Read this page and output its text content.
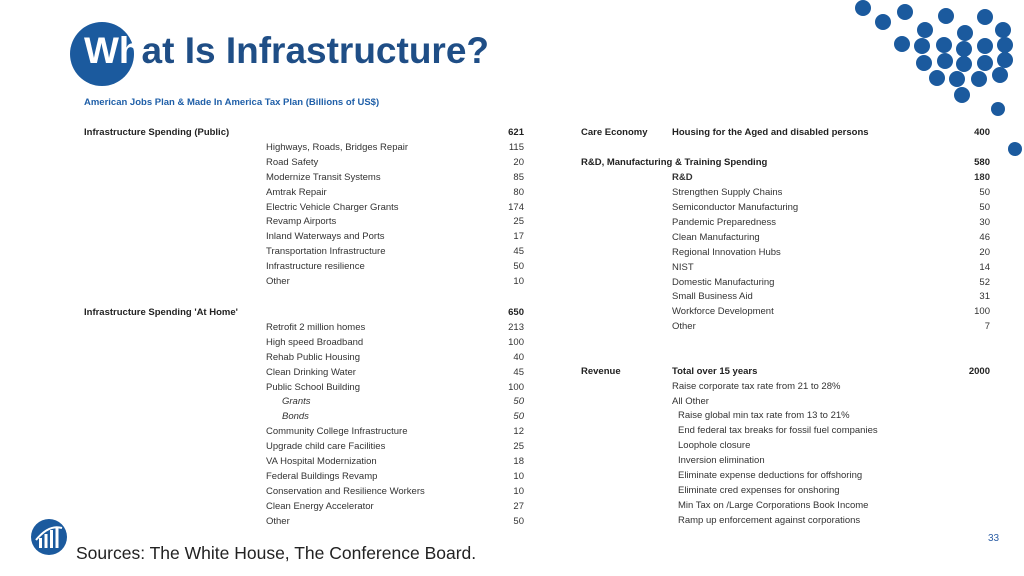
What Is Infrastructure?
American Jobs Plan & Made In America Tax Plan (Billions of US$)
Infrastructure Spending (Public)	621
Highways, Roads, Bridges Repair	115
Road Safety	20
Modernize Transit Systems	85
Amtrak Repair	80
Electric Vehicle Charger Grants	174
Revamp Airports	25
Inland Waterways and Ports	17
Transportation Infrastructure	45
Infrastructure resilience	50
Other	10
Infrastructure Spending 'At Home'	650
Retrofit 2 million homes	213
High speed Broadband	100
Rehab Public Housing	40
Clean Drinking Water	45
Public School Building	100
Grants	50
Bonds	50
Community College Infrastructure	12
Upgrade child care Facilities	25
VA Hospital Modernization	18
Federal Buildings Revamp	10
Conservation and Resilience Workers	10
Clean Energy Accelerator	27
Other	50
Care Economy	Housing for the Aged and disabled persons	400
R&D, Manufacturing & Training Spending	580
R&D	180
Strengthen Supply Chains	50
Semiconductor Manufacturing	50
Pandemic Preparedness	30
Clean Manufacturing	46
Regional Innovation Hubs	20
NIST	14
Domestic Manufacturing	52
Small Business Aid	31
Workforce Development	100
Other	7
Revenue	Total over 15 years	2000
Raise corporate tax rate from 21 to 28%
All Other
Raise global min tax rate from 13 to 21%
End federal tax breaks for fossil fuel companies
Loophole closure
Inversion elimination
Eliminate expense deductions for offshoring
Eliminate cred expenses for onshoring
Min Tax on /Large Corporations Book Income
Ramp up enforcement against corporations
Sources: The White House, The Conference Board.
33
